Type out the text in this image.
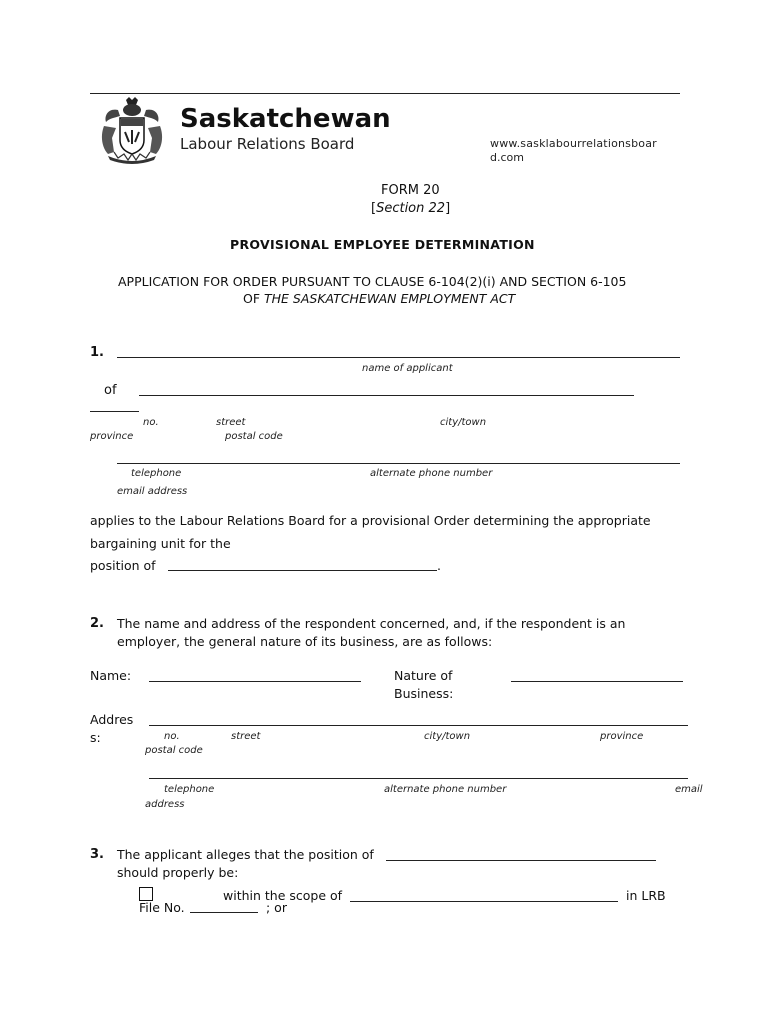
Saskatchewan
Labour Relations Board	www.sasklabourrelationsboar
d.com
FORM 20
[Section 22]
PROVISIONAL EMPLOYEE DETERMINATION
APPLICATION FOR ORDER PURSUANT TO CLAUSE 6-104(2)(i) AND SECTION 6-105
OF THE SASKATCHEWAN EMPLOYMENT ACT
1.
name of applicant
of
no.	street	city/town
province	postal code
telephone	alternate phone number
email address
applies to the Labour Relations Board for a provisional Order determining the appropriate
bargaining unit for the
position of	.
2. The name and address of the respondent concerned, and, if the respondent is an
employer, the general nature of its business, are as follows:
Name:	Nature of
Business:
Addres
s:	no.	street	city/town	province
postal code
telephone	alternate phone number	email
address
3. The applicant alleges that the position of
should properly be:
within the scope of	in LRB
File No.	; or
